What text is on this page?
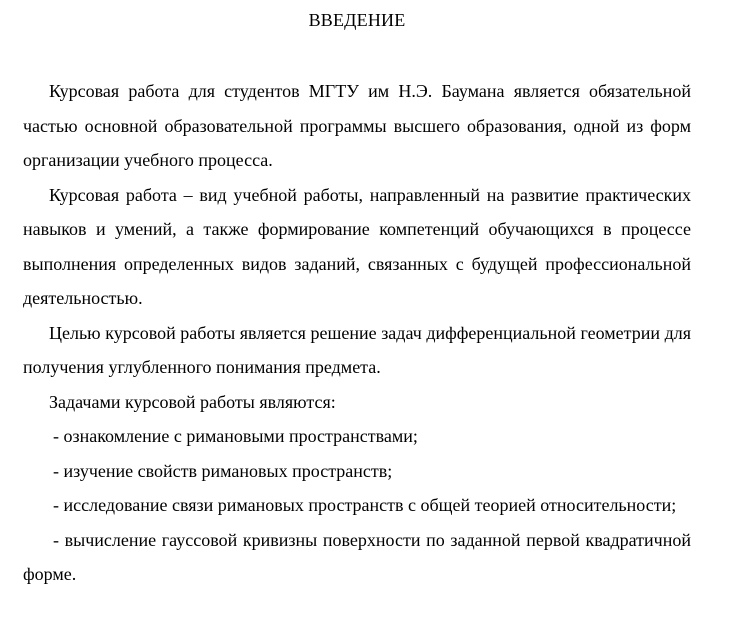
ВВЕДЕНИЕ

Курсовая работа для студентов МГТУ им Н.Э. Баумана является обязательной частью основной образовательной программы высшего образования, одной из форм организации учебного процесса.

Курсовая работа – вид учебной работы, направленный на развитие практических навыков и умений, а также формирование компетенций обучающихся в процессе выполнения определенных видов заданий, связанных с будущей профессиональной деятельностью.

Целью курсовой работы является решение задач дифференциальной геометрии для получения углубленного понимания предмета.

Задачами курсовой работы являются:

- ознакомление с римановыми пространствами;

- изучение свойств римановых пространств;

- исследование связи римановых пространств с общей теорией относительности;

- вычисление гауссовой кривизны поверхности по заданной первой квадратичной форме.
